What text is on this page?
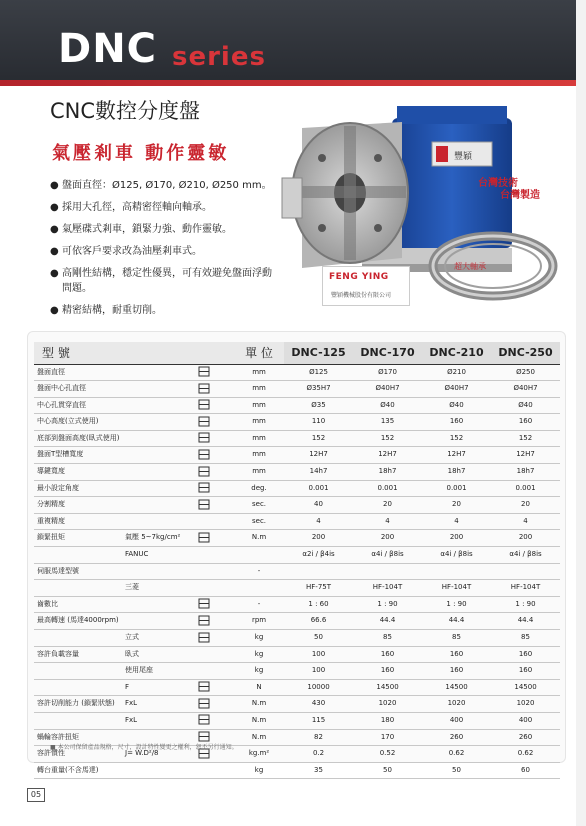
DNC series
CNC數控分度盤
氣壓剎車 動作靈敏
● 盤面直徑：Ø125, Ø170, Ø210, Ø250 mm。
● 採用大孔徑，高精密徑軸向軸承。
● 氣壓碟式剎車，鎖緊力強、動作靈敏。
● 可依客戶要求改為油壓剎車式。
● 高剛性結構，穩定性優異，可有效避免盤面浮動問題。
● 精密結構，耐重切削。
豐穎
台灣技術
台灣製造
超大軸承
FENG YING
豐穎機械股份有限公司
型 號			單 位	DNC-125	DNC-170	DNC-210	DNC-250
盤面直徑			mm	Ø125	Ø170	Ø210	Ø250
盤面中心孔直徑			mm	Ø35H7	Ø40H7	Ø40H7	Ø40H7
中心孔貫穿直徑			mm	Ø35	Ø40	Ø40	Ø40
中心高度(立式使用)			mm	110	135	160	160
底部到盤面高度(臥式使用)			mm	152	152	152	152
盤面T型槽寬度			mm	12H7	12H7	12H7	12H7
導鍵寬度			mm	14h7	18h7	18h7	18h7
最小設定角度			deg.	0.001	0.001	0.001	0.001
分割精度			sec.	40	20	20	20
重複精度			sec.	4	4	4	4
鎖緊扭矩	氣壓 5~7kg/cm²		N.m	200	200	200	200
	FANUC			α2i / β4is	α4i / β8is	α4i / β8is	α4i / β8is
伺服馬達型號			-				
	三菱			HF-75T	HF-104T	HF-104T	HF-104T
齒數比			-	1 : 60	1 : 90	1 : 90	1 : 90
最高轉速 (馬達4000rpm)			rpm	66.6	44.4	44.4	44.4
	立式		kg	50	85	85	85
容許負載容量	臥式		kg	100	160	160	160
	使用尾座		kg	100	160	160	160
	F		N	10000	14500	14500	14500
容許切削能力 (鎖緊狀態)	FxL		N.m	430	1020	1020	1020
	FxL		N.m	115	180	400	400
蝸輪容許扭矩			N.m	82	170	260	260
容許慣性	J= W.D²/8		kg.m²	0.2	0.52	0.62	0.62
轉台重量(不含馬達)			kg	35	50	50	60
■ 本公司保留產品規格，尺寸，設計特性變更之權利，恕不另行通知。
05
